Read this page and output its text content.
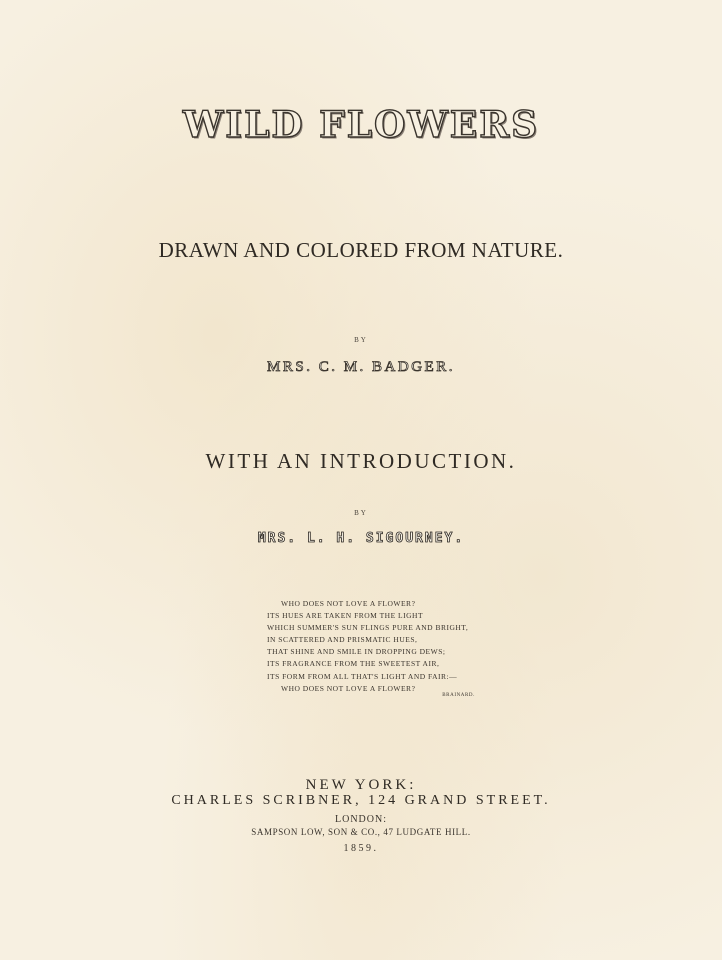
WILD FLOWERS
DRAWN AND COLORED FROM NATURE.
BY
MRS. C. M. BADGER.
WITH AN INTRODUCTION.
BY
MRS. L. H. SIGOURNEY.
WHO DOES NOT LOVE A FLOWER?
ITS HUES ARE TAKEN FROM THE LIGHT
WHICH SUMMER'S SUN FLINGS PURE AND BRIGHT,
IN SCATTERED AND PRISMATIC HUES,
THAT SHINE AND SMILE IN DROPPING DEWS;
ITS FRAGRANCE FROM THE SWEETEST AIR,
ITS FORM FROM ALL THAT'S LIGHT AND FAIR:—
WHO DOES NOT LOVE A FLOWER?
BRAINARD.
NEW YORK:
CHARLES SCRIBNER, 124 GRAND STREET.
LONDON:
SAMPSON LOW, SON & CO., 47 LUDGATE HILL.
1859.
